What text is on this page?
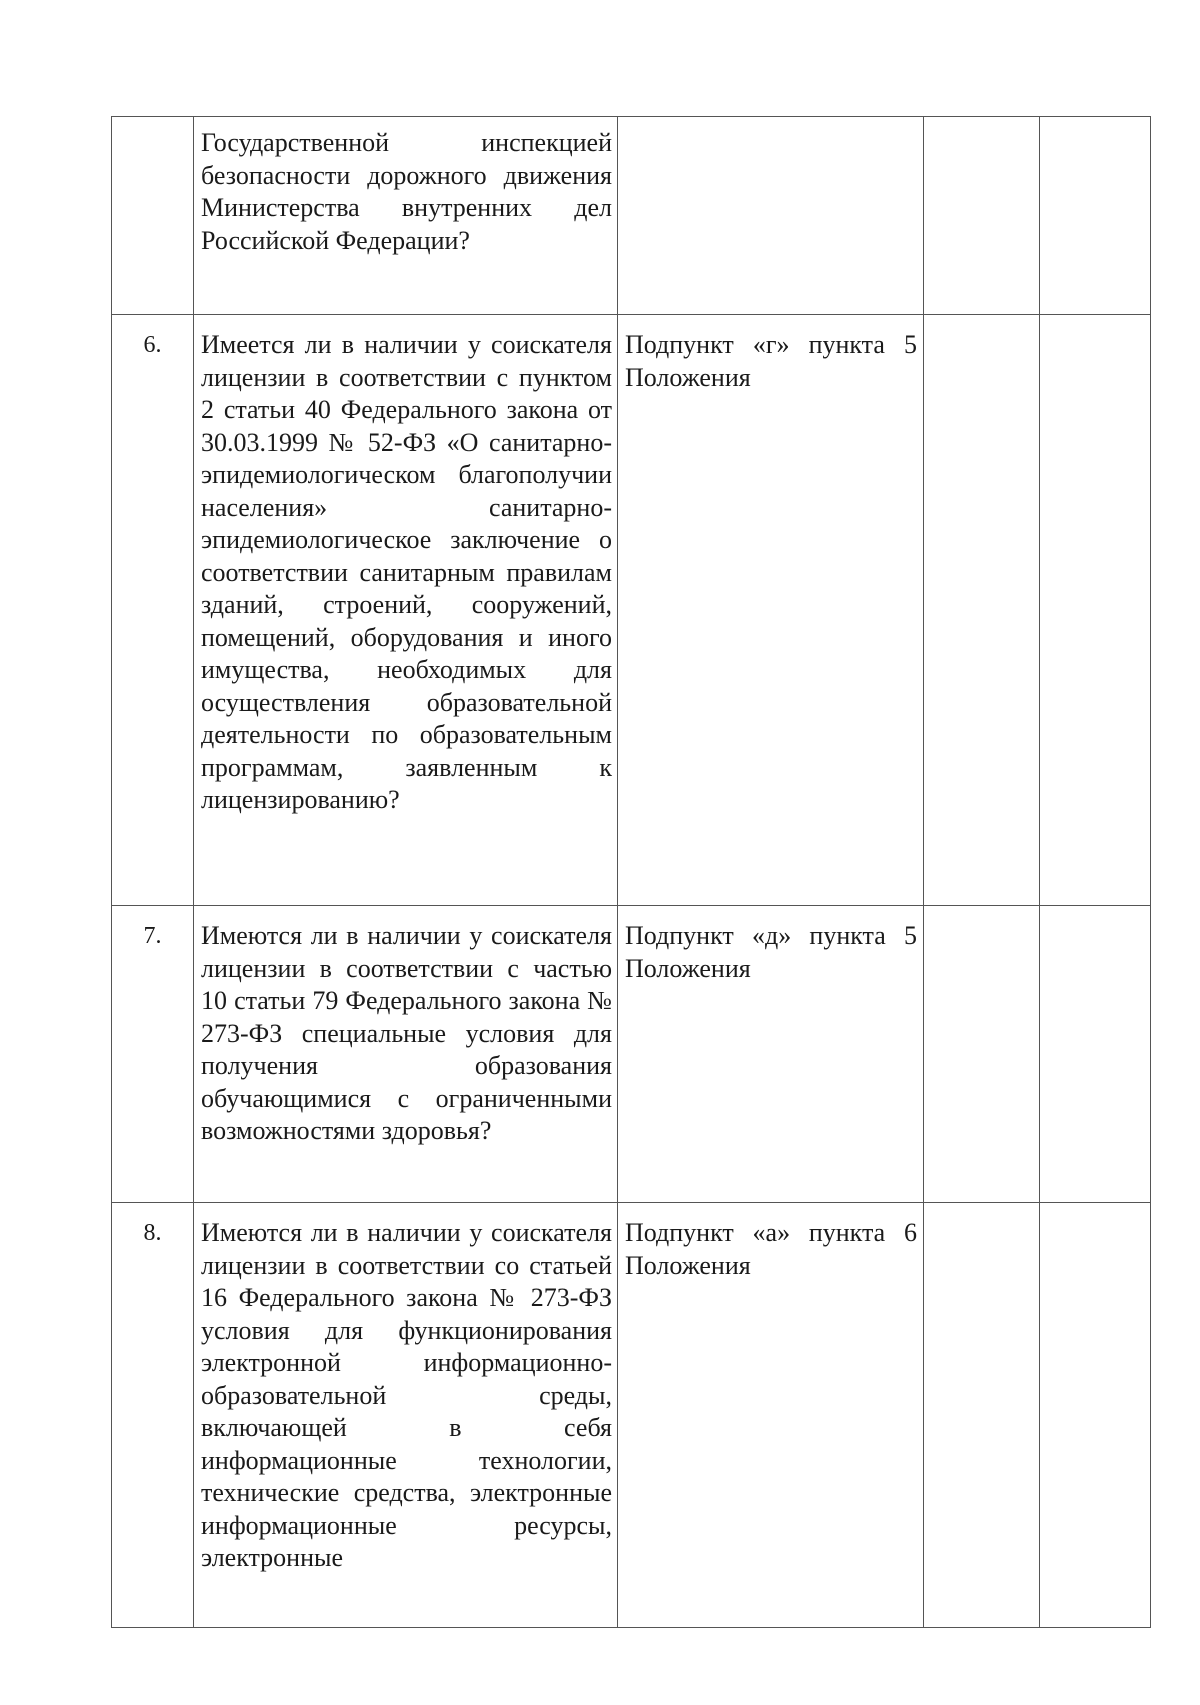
	Государственной инспекцией безопасности дорожного движения Министерства внутренних дел Российской Федерации?			

6.	Имеется ли в наличии у соискателя лицензии в соответствии с пунктом 2 статьи 40 Федерального закона от 30.03.1999 № 52-ФЗ «О санитарно-эпидемиологическом благополучии населения» санитарно-эпидемиологическое заключение о соответствии санитарным правилам зданий, строений, сооружений, помещений, оборудования и иного имущества, необходимых для осуществления образовательной деятельности по образовательным программам, заявленным к лицензированию?	Подпункт «г» пункта 5 Положения		

7.	Имеются ли в наличии у соискателя лицензии в соответствии с частью 10 статьи 79 Федерального закона № 273-ФЗ специальные условия для получения образования обучающимися с ограниченными возможностями здоровья?	Подпункт «д» пункта 5 Положения		

8.	Имеются ли в наличии у соискателя лицензии в соответствии со статьей 16 Федерального закона № 273-ФЗ условия для функционирования электронной информационно-образовательной среды, включающей в себя информационные технологии, технические средства, электронные информационные ресурсы, электронные	Подпункт «а» пункта 6 Положения		
